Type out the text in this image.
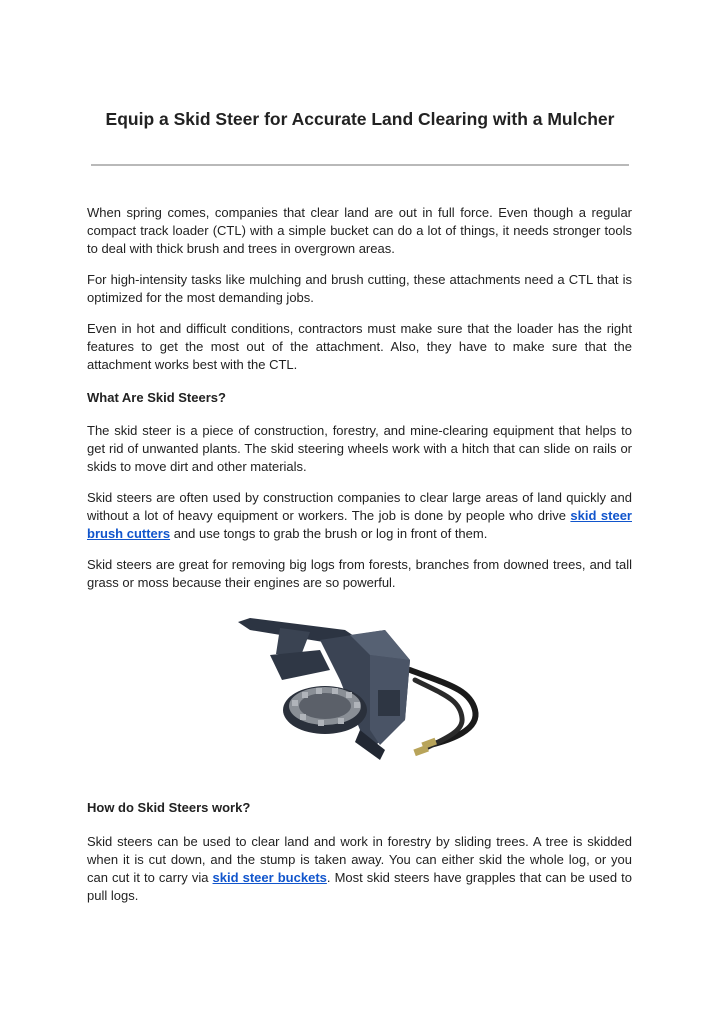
Equip a Skid Steer for Accurate Land Clearing with a Mulcher

When spring comes, companies that clear land are out in full force. Even though a regular compact track loader (CTL) with a simple bucket can do a lot of things, it needs stronger tools to deal with thick brush and trees in overgrown areas.

For high-intensity tasks like mulching and brush cutting, these attachments need a CTL that is optimized for the most demanding jobs.

Even in hot and difficult conditions, contractors must make sure that the loader has the right features to get the most out of the attachment. Also, they have to make sure that the attachment works best with the CTL.

What Are Skid Steers?

The skid steer is a piece of construction, forestry, and mine-clearing equipment that helps to get rid of unwanted plants. The skid steering wheels work with a hitch that can slide on rails or skids to move dirt and other materials.

Skid steers are often used by construction companies to clear large areas of land quickly and without a lot of heavy equipment or workers. The job is done by people who drive skid steer brush cutters and use tongs to grab the brush or log in front of them.

Skid steers are great for removing big logs from forests, branches from downed trees, and tall grass or moss because their engines are so powerful.

How do Skid Steers work?

Skid steers can be used to clear land and work in forestry by sliding trees. A tree is skidded when it is cut down, and the stump is taken away. You can either skid the whole log, or you can cut it to carry via skid steer buckets. Most skid steers have grapples that can be used to pull logs.
